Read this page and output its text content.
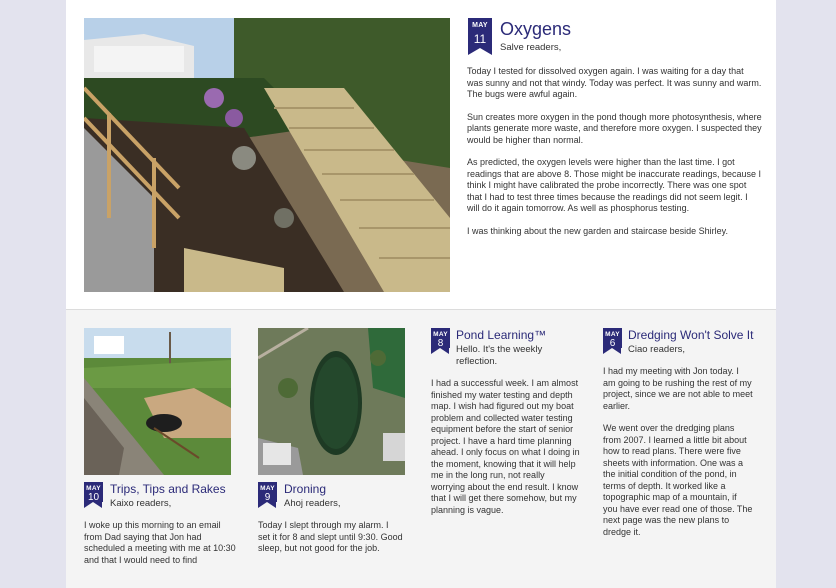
MAY
11 Oxygens
Salve readers,

Today I tested for dissolved oxygen again. I was waiting for a day that was sunny and not that windy. Today was perfect. It was sunny and warm. The bugs were awful again.

Sun creates more oxygen in the pond though more photosynthesis, where plants generate more waste, and therefore more oxygen. I suspected they would be higher than normal.

As predicted, the oxygen levels were higher than the last time. I got readings that are above 8. Those might be inaccurate readings, because I think I might have calibrated the probe incorrectly. There was one spot that I had to test three times because the readings did not seem legit. I will do it again tomorrow. As well as phosphorus testing.

I was thinking about the new garden and staircase beside Shirley.

MAY
10
Trips, Tips and Rakes
Kaixo readers,
I woke up this morning to an email from Dad saying that Jon had scheduled a meeting with me at 10:30 and that I would need to find
MAY
9
Droning
Ahoj readers,
Today I slept through my alarm. I set it for 8 and slept until 9:30. Good sleep, but not good for the job.
MAY
8
Pond Learning™
Hello. It's the weekly reflection.
I had a successful week. I am almost finished my water testing and depth map. I wish had figured out my boat problem and collected water testing equipment before the start of senior project. I have a hard time planning ahead. I only focus on what I doing in the moment, knowing that it will help me in the long run, not really worrying about the end result. I know that I will get there somehow, but my planning is vague.
MAY
6
Dredging Won't Solve It
Ciao readers,

I had my meeting with Jon today. I am going to be rushing the rest of my project, since we are not able to meet earlier.

We went over the dredging plans from 2007. I learned a little bit about how to read plans. There were five sheets with information. One was a the initial condition of the pond, in terms of depth. It worked like a topographic map of a mountain, if you have ever read one of those. The next page was the new plans to dredge it.
